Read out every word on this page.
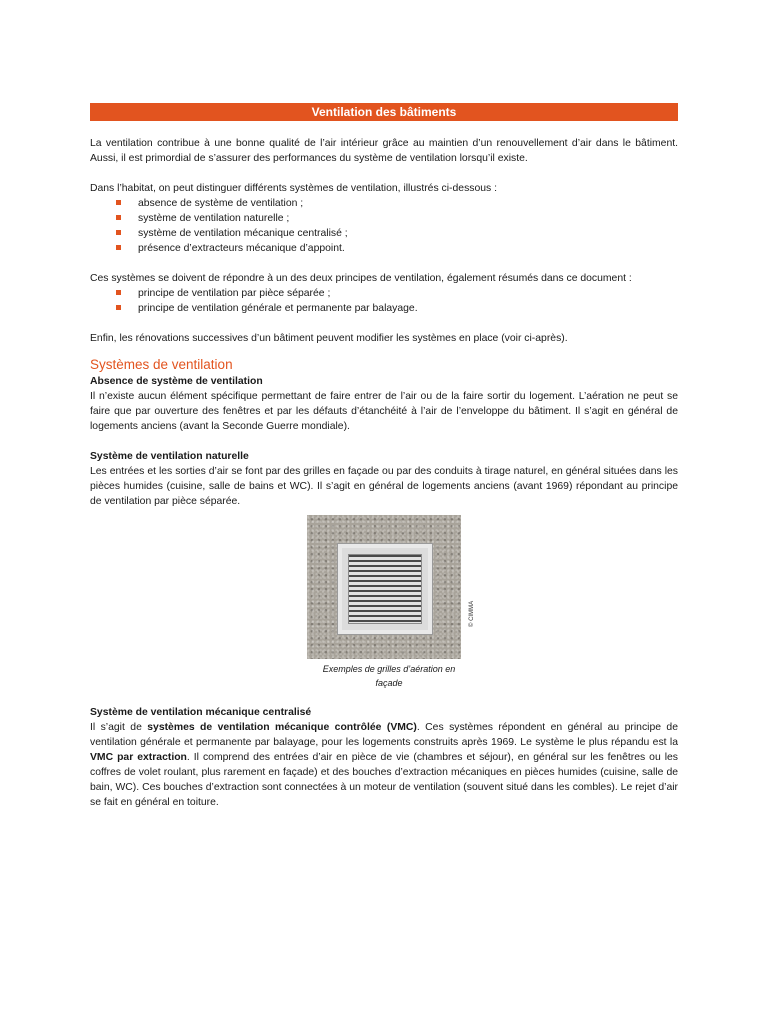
Ventilation des bâtiments

La ventilation contribue à une bonne qualité de l’air intérieur grâce au maintien d’un renouvellement d’air dans le bâtiment. Aussi, il est primordial de s’assurer des performances du système de ventilation lorsqu’il existe.

Dans l’habitat, on peut distinguer différents systèmes de ventilation, illustrés ci-dessous :

absence de système de ventilation ;
système de ventilation naturelle ;
système de ventilation mécanique centralisé ;
présence d’extracteurs mécanique d’appoint.

Ces systèmes se doivent de répondre à un des deux principes de ventilation, également résumés dans ce document :

principe de ventilation par pièce séparée ;
principe de ventilation générale et permanente par balayage.

Enfin, les rénovations successives d’un bâtiment peuvent modifier les systèmes en place (voir ci-après).

Systèmes de ventilation
Absence de système de ventilation

Il n’existe aucun élément spécifique permettant de faire entrer de l’air ou de la faire sortir du logement. L’aération ne peut se faire que par ouverture des fenêtres et par les défauts d’étanchéité à l’air de l’enveloppe du bâtiment. Il s’agit en général de logements anciens (avant la Seconde Guerre mondiale).

Système de ventilation naturelle

Les entrées et les sorties d’air se font par des grilles en façade ou par des conduits à tirage naturel, en général situées dans les pièces humides (cuisine, salle de bains et WC). Il s’agit en général de logements anciens (avant 1969) répondant au principe de ventilation par pièce séparée.

© CIMMA
Exemples de grilles d’aération en façade
Système de ventilation mécanique centralisé

Il s’agit de systèmes de ventilation mécanique contrôlée (VMC). Ces systèmes répondent en général au principe de ventilation générale et permanente par balayage, pour les logements construits après 1969. Le système le plus répandu est la VMC par extraction. Il comprend des entrées d’air en pièce de vie (chambres et séjour), en général sur les fenêtres ou les coffres de volet roulant, plus rarement en façade) et des bouches d’extraction mécaniques en pièces humides (cuisine, salle de bain, WC). Ces bouches d’extraction sont connectées à un moteur de ventilation (souvent situé dans les combles). Le rejet d’air se fait en général en toiture.
